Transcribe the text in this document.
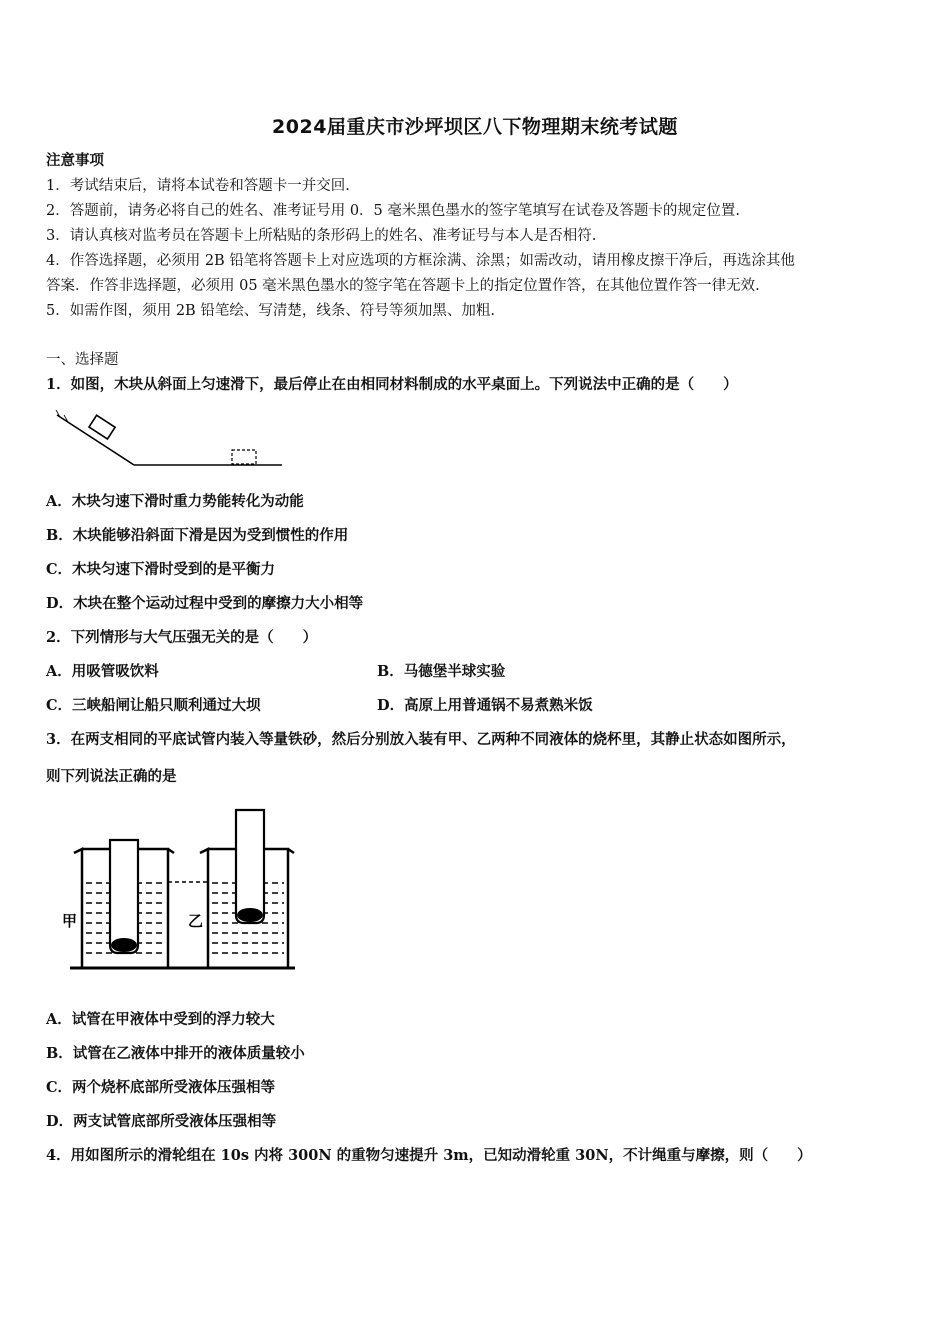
2024届重庆市沙坪坝区八下物理期末统考试题
注意事项
1．考试结束后，请将本试卷和答题卡一并交回.
2．答题前，请务必将自己的姓名、准考证号用 0．5 毫米黑色墨水的签字笔填写在试卷及答题卡的规定位置.
3．请认真核对监考员在答题卡上所粘贴的条形码上的姓名、准考证号与本人是否相符.
4．作答选择题，必须用 2B 铅笔将答题卡上对应选项的方框涂满、涂黑；如需改动，请用橡皮擦干净后，再选涂其他
答案．作答非选择题，必须用 05 毫米黑色墨水的签字笔在答题卡上的指定位置作答，在其他位置作答一律无效.
5．如需作图，须用 2B 铅笔绘、写清楚，线条、符号等须加黑、加粗.
一、选择题
1．如图，木块从斜面上匀速滑下，最后停止在由相同材料制成的水平桌面上。下列说法中正确的是（　　）
A．木块匀速下滑时重力势能转化为动能
B．木块能够沿斜面下滑是因为受到惯性的作用
C．木块匀速下滑时受到的是平衡力
D．木块在整个运动过程中受到的摩擦力大小相等
2．下列情形与大气压强无关的是（　　）
A．用吸管吸饮料	B．马德堡半球实验
C．三峡船闸让船只顺利通过大坝	D．高原上用普通锅不易煮熟米饭
3．在两支相同的平底试管内装入等量铁砂，然后分别放入装有甲、乙两种不同液体的烧杯里，其静止状态如图所示，
则下列说法正确的是
甲	乙
A．试管在甲液体中受到的浮力较大
B．试管在乙液体中排开的液体质量较小
C．两个烧杯底部所受液体压强相等
D．两支试管底部所受液体压强相等
4．用如图所示的滑轮组在 10s 内将 300N 的重物匀速提升 3m，已知动滑轮重 30N，不计绳重与摩擦，则（　　）
